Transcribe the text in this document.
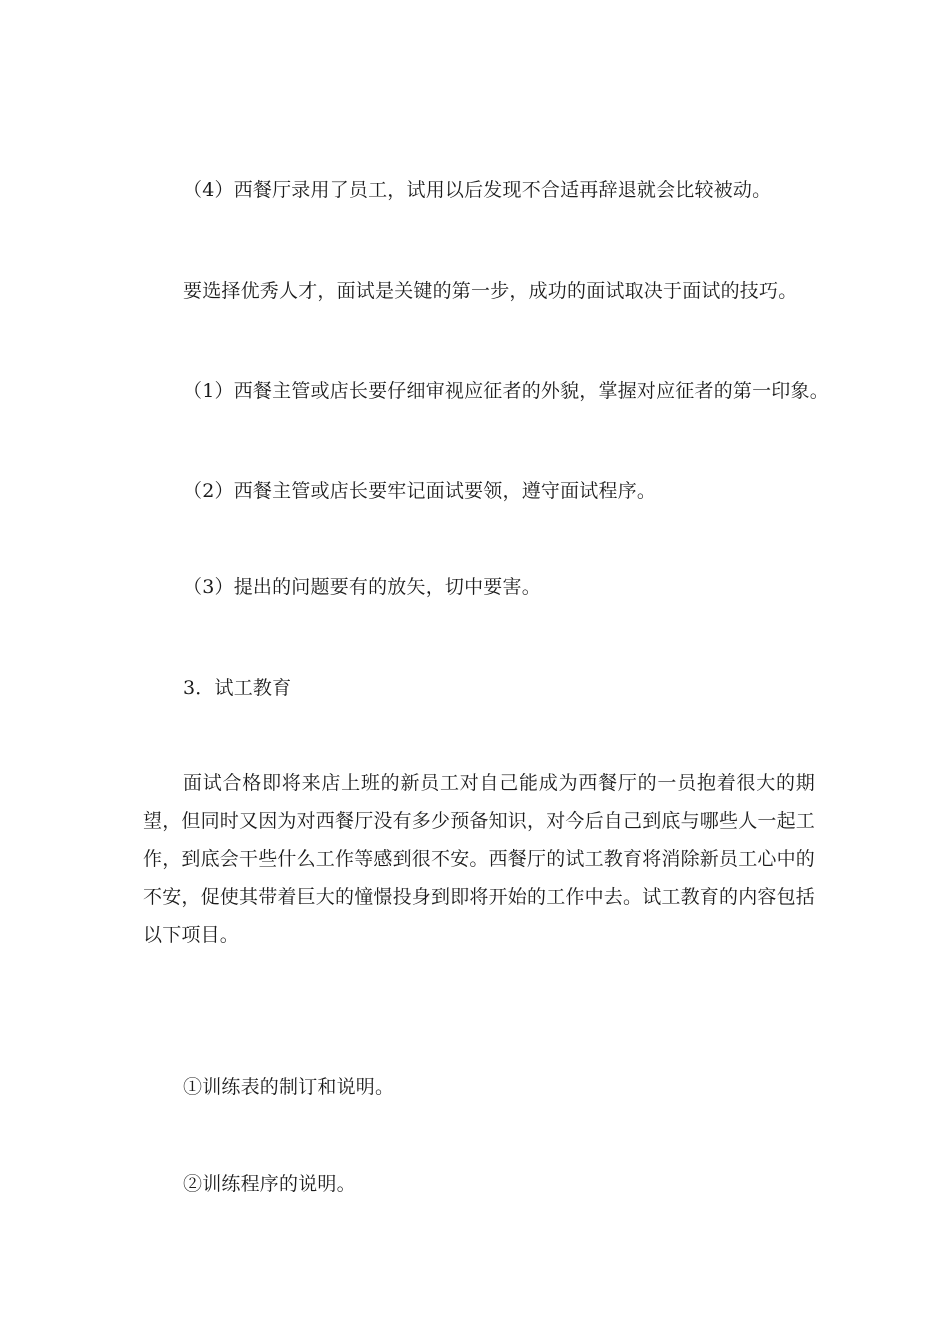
（4）西餐厅录用了员工，试用以后发现不合适再辞退就会比较被动。
要选择优秀人才，面试是关键的第一步，成功的面试取决于面试的技巧。
（1）西餐主管或店长要仔细审视应征者的外貌，掌握对应征者的第一印象。
（2）西餐主管或店长要牢记面试要领，遵守面试程序。
（3）提出的问题要有的放矢，切中要害。
3．试工教育
面试合格即将来店上班的新员工对自己能成为西餐厅的一员抱着很大的期望，但同时又因为对西餐厅没有多少预备知识，对今后自己到底与哪些人一起工作，到底会干些什么工作等感到很不安。西餐厅的试工教育将消除新员工心中的不安，促使其带着巨大的憧憬投身到即将开始的工作中去。试工教育的内容包括以下项目。
①训练表的制订和说明。
②训练程序的说明。
